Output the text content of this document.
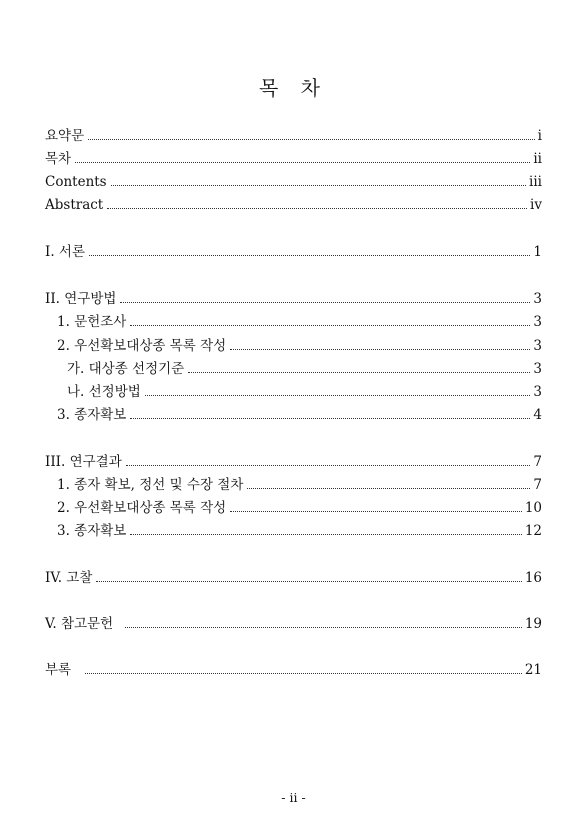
목 차
요약문	i
목차	ii
Contents	iii
Abstract	iv
I. 서론	1
II. 연구방법	3
1. 문헌조사	3
2. 우선확보대상종 목록 작성	3
가. 대상종 선정기준	3
나. 선정방법	3
3. 종자확보	4
III. 연구결과	7
1. 종자 확보, 정선 및 수장 절차	7
2. 우선확보대상종 목록 작성	10
3. 종자확보	12
IV. 고찰	16
V. 참고문헌	19
부록	21
- ii -
